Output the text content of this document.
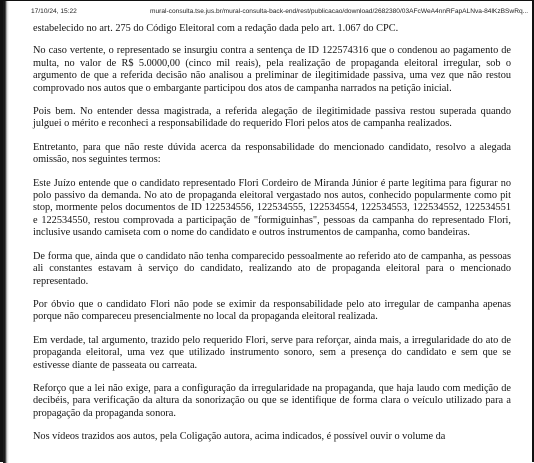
17/10/24, 15:22	mural-consulta.tse.jus.br/mural-consulta-back-end/rest/publicacao/download/2682380/03AFcWeA4nnRFapALNva-84lKzBSwRq...

estabelecido no art. 275 do Código Eleitoral com a redação dada pelo art. 1.067 do CPC.

No caso vertente, o representado se insurgiu contra a sentença de ID 122574316 que o condenou ao pagamento de multa, no valor de R$ 5.0000,00 (cinco mil reais), pela realização de propaganda eleitoral irregular, sob o argumento de que a referida decisão não analisou a preliminar de ilegitimidade passiva, uma vez que não restou comprovado nos autos que o embargante participou dos atos de campanha narrados na petição inicial.

Pois bem. No entender dessa magistrada, a referida alegação de ilegitimidade passiva restou superada quando julguei o mérito e reconheci a responsabilidade do requerido Flori pelos atos de campanha realizados.

Entretanto, para que não reste dúvida acerca da responsabilidade do mencionado candidato, resolvo a alegada omissão, nos seguintes termos:

Este Juízo entende que o candidato representado Flori Cordeiro de Miranda Júnior é parte legítima para figurar no polo passivo da demanda. No ato de propaganda eleitoral vergastado nos autos, conhecido popularmente como pit stop, mormente pelos documentos de ID 122534556, 122534555, 122534554, 122534553, 122534552, 122534551 e 122534550, restou comprovada a participação de "formiguinhas", pessoas da campanha do representado Flori, inclusive usando camiseta com o nome do candidato e outros instrumentos de campanha, como bandeiras.

De forma que, ainda que o candidato não tenha comparecido pessoalmente ao referido ato de campanha, as pessoas ali constantes estavam à serviço do candidato, realizando ato de propaganda eleitoral para o mencionado representado.

Por óbvio que o candidato Flori não pode se eximir da responsabilidade pelo ato irregular de campanha apenas porque não compareceu presencialmente no local da propaganda eleitoral realizada.

Em verdade, tal argumento, trazido pelo requerido Flori, serve para reforçar, ainda mais, a irregularidade do ato de propaganda eleitoral, uma vez que utilizado instrumento sonoro, sem a presença do candidato e sem que se estivesse diante de passeata ou carreata.

Reforço que a lei não exige, para a configuração da irregularidade na propaganda, que haja laudo com medição de decibéis, para verificação da altura da sonorização ou que se identifique de forma clara o veículo utilizado para a propagação da propaganda sonora.

Nos vídeos trazidos aos autos, pela Coligação autora, acima indicados, é possível ouvir o volume da
